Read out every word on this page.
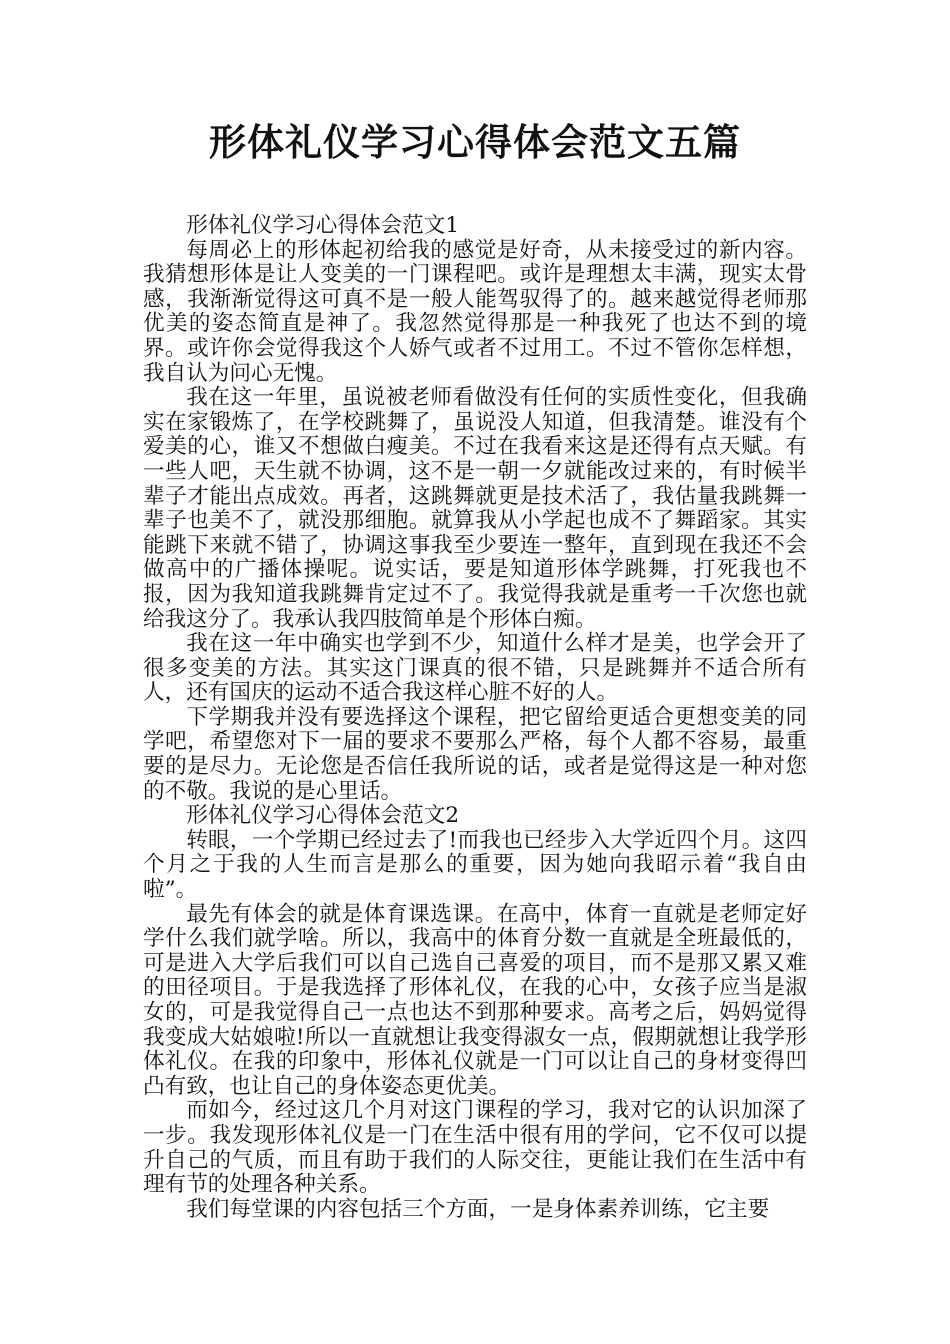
形体礼仪学习心得体会范文五篇

形体礼仪学习心得体会范文1

每周必上的形体起初给我的感觉是好奇，从未接受过的新内容。我猜想形体是让人变美的一门课程吧。或许是理想太丰满，现实太骨感，我渐渐觉得这可真不是一般人能驾驭得了的。越来越觉得老师那优美的姿态简直是神了。我忽然觉得那是一种我死了也达不到的境界。或许你会觉得我这个人娇气或者不过用工。不过不管你怎样想，我自认为问心无愧。

我在这一年里，虽说被老师看做没有任何的实质性变化，但我确实在家锻炼了，在学校跳舞了，虽说没人知道，但我清楚。谁没有个爱美的心，谁又不想做白瘦美。不过在我看来这是还得有点天赋。有一些人吧，天生就不协调，这不是一朝一夕就能改过来的，有时候半辈子才能出点成效。再者，这跳舞就更是技术活了，我估量我跳舞一辈子也美不了，就没那细胞。就算我从小学起也成不了舞蹈家。其实能跳下来就不错了，协调这事我至少要连一整年，直到现在我还不会做高中的广播体操呢。说实话，要是知道形体学跳舞，打死我也不报，因为我知道我跳舞肯定过不了。我觉得我就是重考一千次您也就给我这分了。我承认我四肢简单是个形体白痴。

我在这一年中确实也学到不少，知道什么样才是美，也学会开了很多变美的方法。其实这门课真的很不错，只是跳舞并不适合所有人，还有国庆的运动不适合我这样心脏不好的人。

下学期我并没有要选择这个课程，把它留给更适合更想变美的同学吧，希望您对下一届的要求不要那么严格，每个人都不容易，最重要的是尽力。无论您是否信任我所说的话，或者是觉得这是一种对您的不敬。我说的是心里话。

形体礼仪学习心得体会范文2

转眼，一个学期已经过去了!而我也已经步入大学近四个月。这四个月之于我的人生而言是那么的重要，因为她向我昭示着“我自由啦”。

最先有体会的就是体育课选课。在高中，体育一直就是老师定好学什么我们就学啥。所以，我高中的体育分数一直就是全班最低的，可是进入大学后我们可以自己选自己喜爱的项目，而不是那又累又难的田径项目。于是我选择了形体礼仪，在我的心中，女孩子应当是淑女的，可是我觉得自己一点也达不到那种要求。高考之后，妈妈觉得我变成大姑娘啦!所以一直就想让我变得淑女一点，假期就想让我学形体礼仪。在我的印象中，形体礼仪就是一门可以让自己的身材变得凹凸有致，也让自己的身体姿态更优美。

而如今，经过这几个月对这门课程的学习，我对它的认识加深了一步。我发现形体礼仪是一门在生活中很有用的学问，它不仅可以提升自己的气质，而且有助于我们的人际交往，更能让我们在生活中有理有节的处理各种关系。

我们每堂课的内容包括三个方面，一是身体素养训练，它主要
